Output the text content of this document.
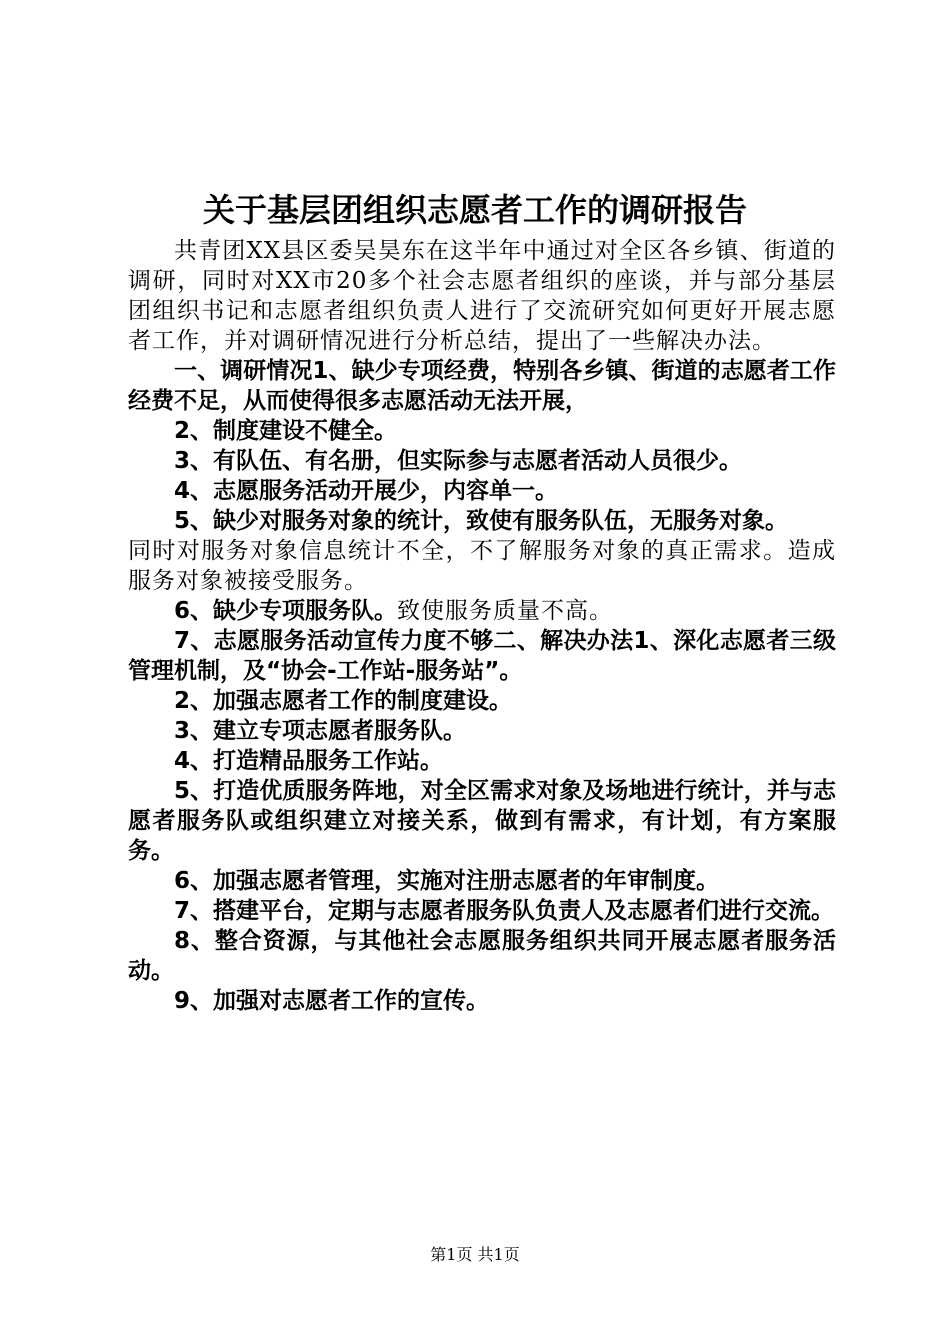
关于基层团组织志愿者工作的调研报告

共青团XX县区委吴昊东在这半年中通过对全区各乡镇、街道的调研，同时对XX市20多个社会志愿者组织的座谈，并与部分基层团组织书记和志愿者组织负责人进行了交流研究如何更好开展志愿者工作，并对调研情况进行分析总结，提出了一些解决办法。

一、调研情况1、缺少专项经费，特别各乡镇、街道的志愿者工作经费不足，从而使得很多志愿活动无法开展，

2、制度建设不健全。

3、有队伍、有名册，但实际参与志愿者活动人员很少。

4、志愿服务活动开展少，内容单一。

5、缺少对服务对象的统计，致使有服务队伍，无服务对象。

同时对服务对象信息统计不全，不了解服务对象的真正需求。造成服务对象被接受服务。

6、缺少专项服务队。致使服务质量不高。

7、志愿服务活动宣传力度不够二、解决办法1、深化志愿者三级管理机制，及“协会-工作站-服务站”。

2、加强志愿者工作的制度建设。

3、建立专项志愿者服务队。

4、打造精品服务工作站。

5、打造优质服务阵地，对全区需求对象及场地进行统计，并与志愿者服务队或组织建立对接关系，做到有需求，有计划，有方案服务。

6、加强志愿者管理，实施对注册志愿者的年审制度。

7、搭建平台，定期与志愿者服务队负责人及志愿者们进行交流。

8、整合资源，与其他社会志愿服务组织共同开展志愿者服务活动。

9、加强对志愿者工作的宣传。

第1页 共1页
